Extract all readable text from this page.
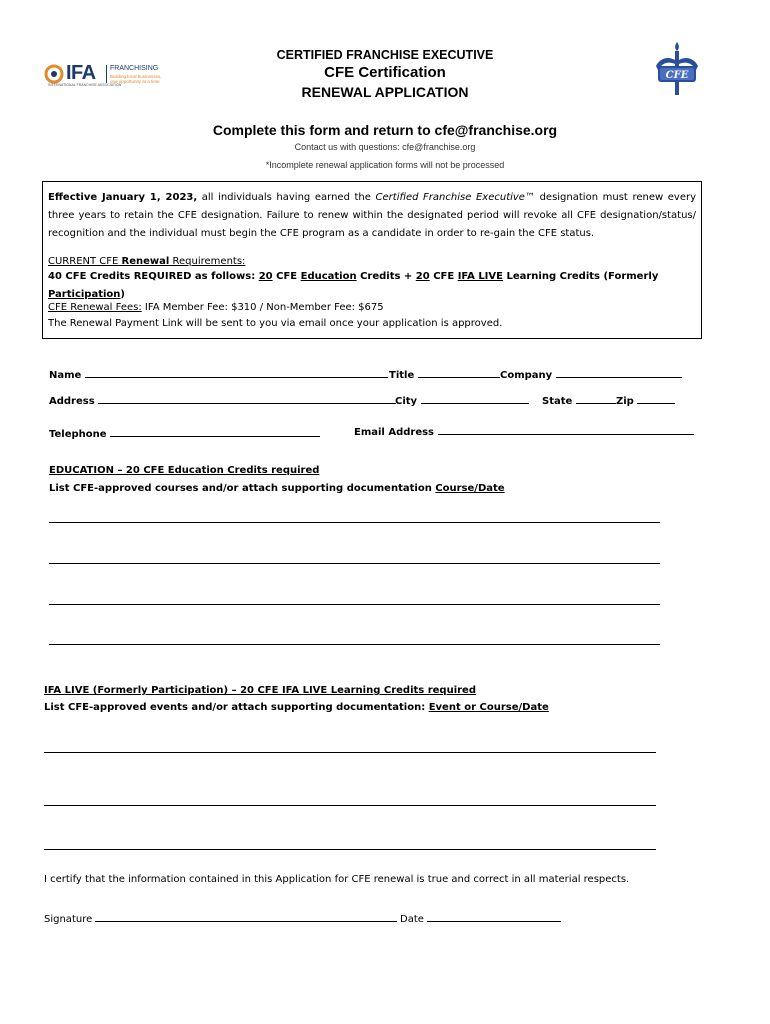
IFA
INTERNATIONAL FRANCHISE ASSOCIATION
FRANCHISING
Building local businesses,
one opportunity at a time
CFE
CERTIFIED FRANCHISE EXECUTIVE
CFE Certification
RENEWAL APPLICATION
Complete this form and return to cfe@franchise.org
Contact us with questions: cfe@franchise.org
*Incomplete renewal application forms will not be processed
Effective January 1, 2023, all individuals having earned the Certified Franchise Executive™ designation must renew every three years to retain the CFE designation. Failure to renew within the designated period will revoke all CFE designation/status/ recognition and the individual must begin the CFE program as a candidate in order to re-gain the CFE status.
CURRENT CFE Renewal Requirements:
40 CFE Credits REQUIRED as follows: 20 CFE Education Credits + 20 CFE IFA LIVE Learning Credits (Formerly Participation)
CFE Renewal Fees: IFA Member Fee: $310 / Non-Member Fee: $675
The Renewal Payment Link will be sent to you via email once your application is approved.
Name	Title	Company
Address	City	State	Zip
Telephone	Email Address
EDUCATION – 20 CFE Education Credits required
List CFE-approved courses and/or attach supporting documentation Course/Date
IFA LIVE (Formerly Participation) – 20 CFE IFA LIVE Learning Credits required
List CFE-approved events and/or attach supporting documentation: Event or Course/Date
I certify that the information contained in this Application for CFE renewal is true and correct in all material respects.
Signature	Date
